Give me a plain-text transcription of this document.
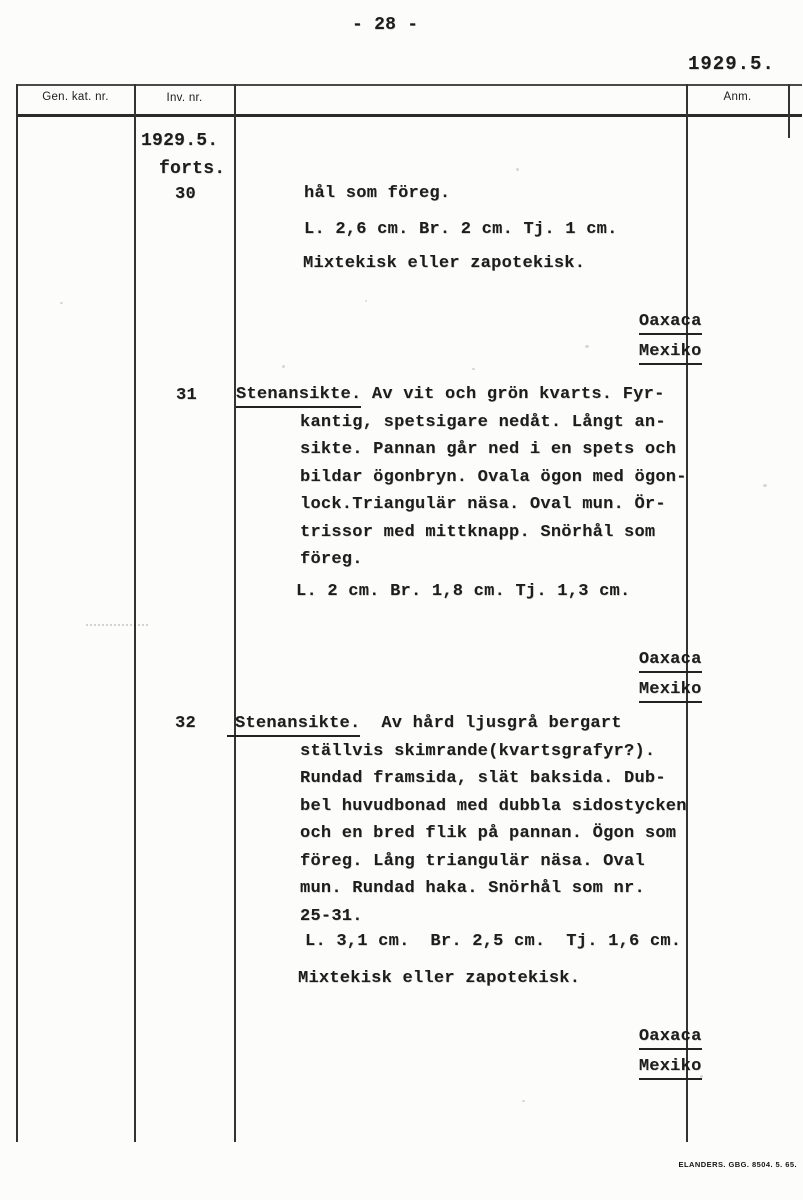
- 28 -
1929.5.
Gen. kat. nr.	Inv. nr.	Anm.
1929.5.
forts.
30
31
32
hål som föreg.
L. 2,6 cm. Br. 2 cm. Tj. 1 cm.
Mixtekisk eller zapotekisk.

Oaxaca
Mexiko

Stenansikte. Av vit och grön kvarts. Fyr-
kantig, spetsigare nedåt. Långt an-
sikte. Pannan går ned i en spets och
bildar ögonbryn. Ovala ögon med ögon-
lock.Triangulär näsa. Oval mun. Ör-
trissor med mittknapp. Snörhål som
föreg.
L. 2 cm. Br. 1,8 cm. Tj. 1,3 cm.

Oaxaca
Mexiko

Stenansikte.  Av hård ljusgrå bergart
ställvis skimrande(kvartsgrafyr?).
Rundad framsida, slät baksida. Dub-
bel huvudbonad med dubbla sidostycken
och en bred flik på pannan. Ögon som
föreg. Lång triangulär näsa. Oval
mun. Rundad haka. Snörhål som nr.
25-31.
L. 3,1 cm.  Br. 2,5 cm.  Tj. 1,6 cm.
Mixtekisk eller zapotekisk.

Oaxaca
Mexiko

ELANDERS. GBG. 8504. 5. 65.
